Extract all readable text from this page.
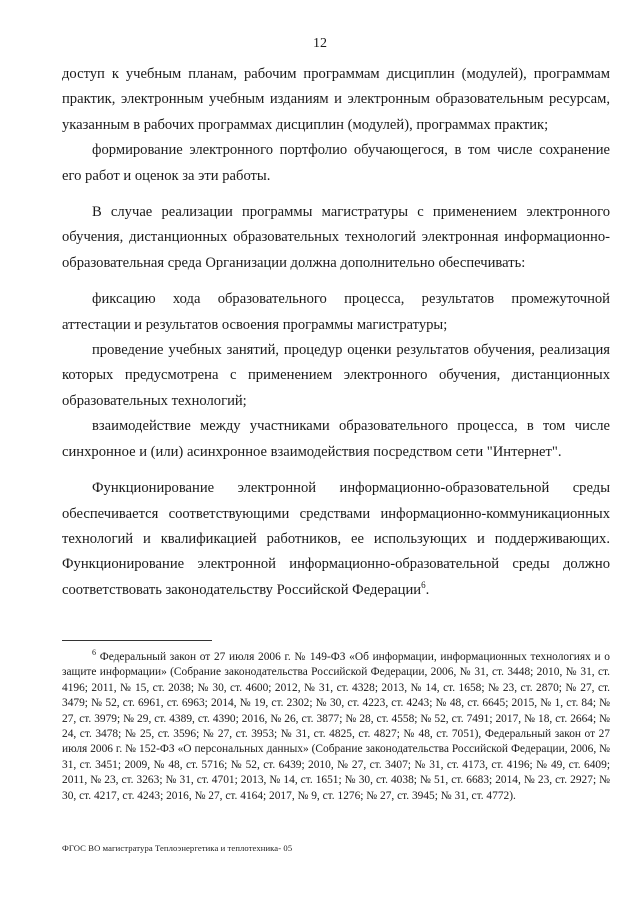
12

доступ к учебным планам, рабочим программам дисциплин (модулей), программам практик, электронным учебным изданиям и электронным образовательным ресурсам, указанным в рабочих программах дисциплин (модулей), программах практик;

формирование электронного портфолио обучающегося, в том числе сохранение его работ и оценок за эти работы.

В случае реализации программы магистратуры с применением электронного обучения, дистанционных образовательных технологий электронная информационно-образовательная среда Организации должна дополнительно обеспечивать:

фиксацию хода образовательного процесса, результатов промежуточной аттестации и результатов освоения программы магистратуры;

проведение учебных занятий, процедур оценки результатов обучения, реализация которых предусмотрена с применением электронного обучения, дистанционных образовательных технологий;

взаимодействие между участниками образовательного процесса, в том числе синхронное и (или) асинхронное взаимодействия посредством сети "Интернет".

Функционирование электронной информационно-образовательной среды обеспечивается соответствующими средствами информационно-коммуникационных технологий и квалификацией работников, ее использующих и поддерживающих. Функционирование электронной информационно-образовательной среды должно соответствовать законодательству Российской Федерации$^6$.

$^6$ Федеральный закон от 27 июля 2006 г. № 149-ФЗ «Об информации, информационных технологиях и о защите информации» (Собрание законодательства Российской Федерации, 2006, № 31, ст. 3448; 2010, № 31, ст. 4196; 2011, № 15, ст. 2038; № 30, ст. 4600; 2012, № 31, ст. 4328; 2013, № 14, ст. 1658; № 23, ст. 2870; № 27, ст. 3479; № 52, ст. 6961, ст. 6963; 2014, № 19, ст. 2302; № 30, ст. 4223, ст. 4243; № 48, ст. 6645; 2015, № 1, ст. 84; № 27, ст. 3979; № 29, ст. 4389, ст. 4390; 2016, № 26, ст. 3877; № 28, ст. 4558; № 52, ст. 7491; 2017, № 18, ст. 2664; № 24, ст. 3478; № 25, ст. 3596; № 27, ст. 3953; № 31, ст. 4825, ст. 4827; № 48, ст. 7051), Федеральный закон от 27 июля 2006 г. № 152-ФЗ «О персональных данных» (Собрание законодательства Российской Федерации, 2006, № 31, ст. 3451; 2009, № 48, ст. 5716; № 52, ст. 6439; 2010, № 27, ст. 3407; № 31, ст. 4173, ст. 4196; № 49, ст. 6409; 2011, № 23, ст. 3263; № 31, ст. 4701; 2013, № 14, ст. 1651; № 30, ст. 4038; № 51, ст. 6683; 2014, № 23, ст. 2927; № 30, ст. 4217, ст. 4243; 2016, № 27, ст. 4164; 2017, № 9, ст. 1276; № 27, ст. 3945; № 31, ст. 4772).

ФГОС ВО магистратура Теплоэнергетика и теплотехника- 05
